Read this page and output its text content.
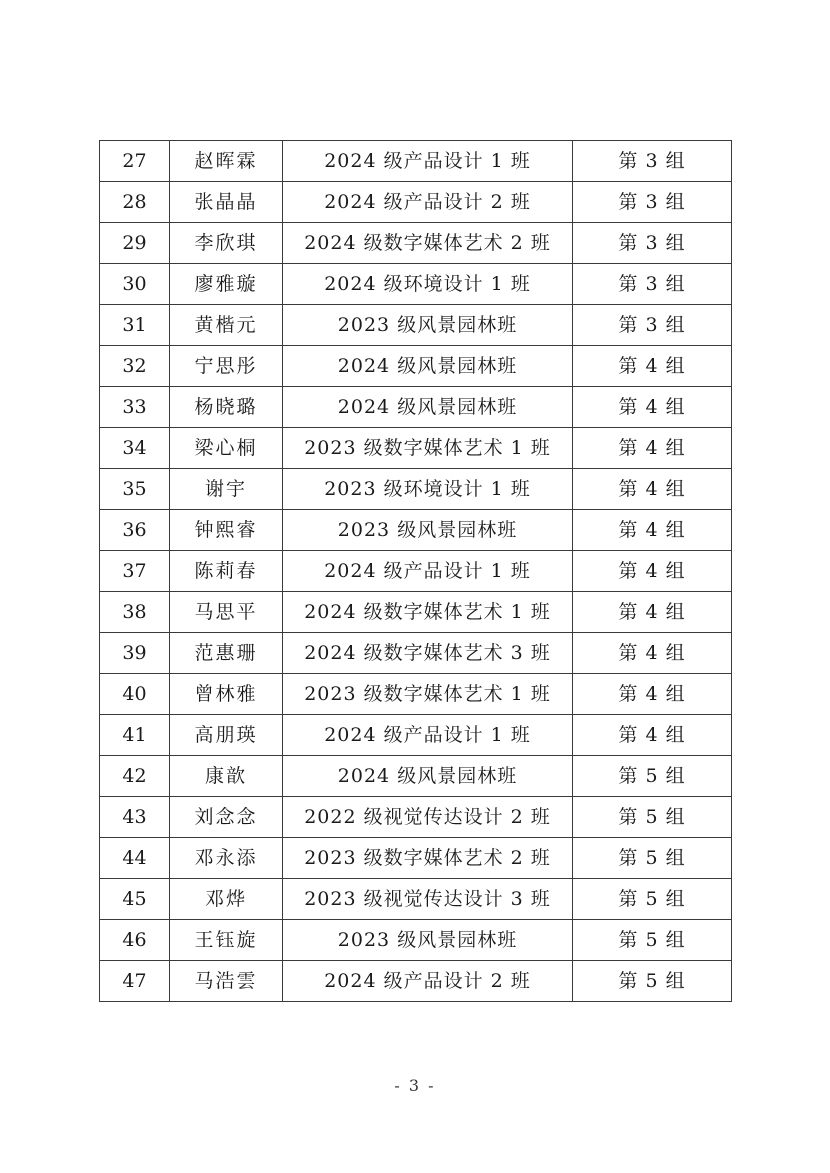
27	赵晖霖	2024 级产品设计 1 班	第 3 组
28	张晶晶	2024 级产品设计 2 班	第 3 组
29	李欣琪	2024 级数字媒体艺术 2 班	第 3 组
30	廖雅璇	2024 级环境设计 1 班	第 3 组
31	黄楷元	2023 级风景园林班	第 3 组
32	宁思彤	2024 级风景园林班	第 4 组
33	杨晓璐	2024 级风景园林班	第 4 组
34	梁心桐	2023 级数字媒体艺术 1 班	第 4 组
35	谢宇	2023 级环境设计 1 班	第 4 组
36	钟熙睿	2023 级风景园林班	第 4 组
37	陈莉春	2024 级产品设计 1 班	第 4 组
38	马思平	2024 级数字媒体艺术 1 班	第 4 组
39	范惠珊	2024 级数字媒体艺术 3 班	第 4 组
40	曾林雅	2023 级数字媒体艺术 1 班	第 4 组
41	高朋瑛	2024 级产品设计 1 班	第 4 组
42	康歆	2024 级风景园林班	第 5 组
43	刘念念	2022 级视觉传达设计 2 班	第 5 组
44	邓永添	2023 级数字媒体艺术 2 班	第 5 组
45	邓烨	2023 级视觉传达设计 3 班	第 5 组
46	王钰旋	2023 级风景园林班	第 5 组
47	马浩雲	2024 级产品设计 2 班	第 5 组
- 3 -
